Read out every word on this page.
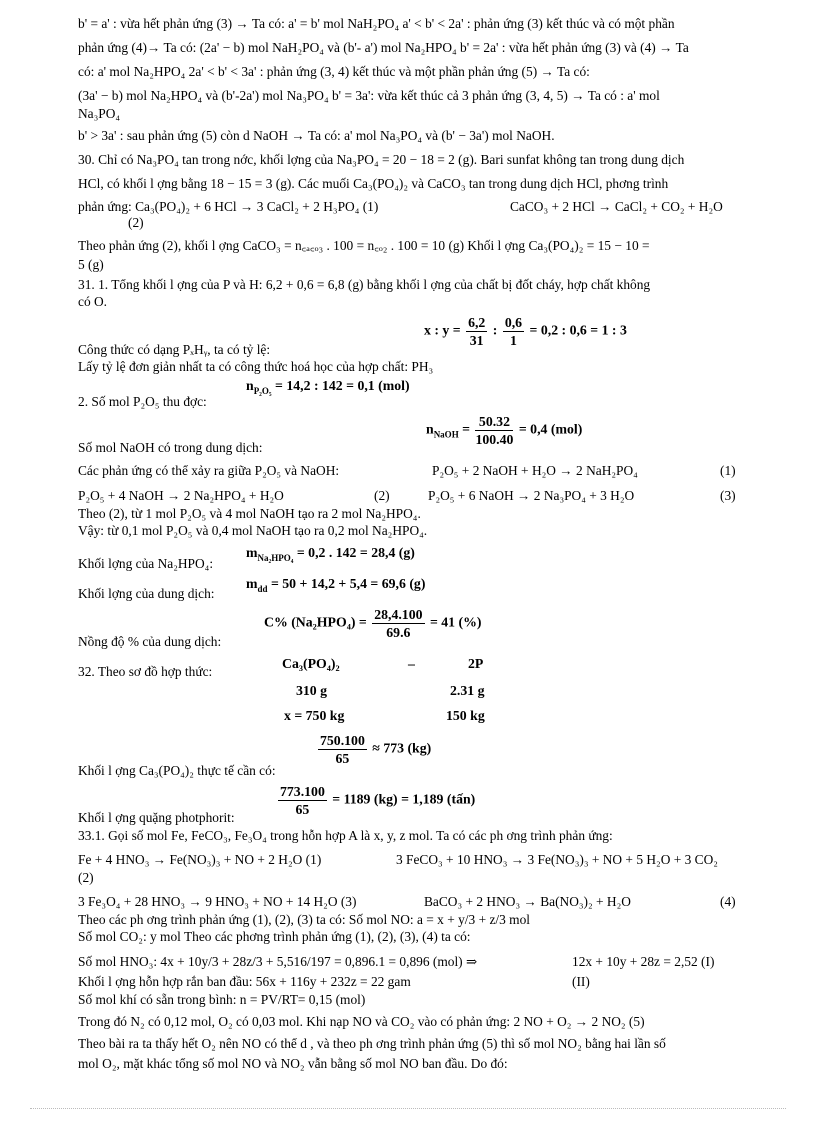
b' = a' : vừa hết phản ứng (3) → Ta có: a' = b' mol NaH₂PO₄ a' < b' < 2a' : phản ứng (3) kết thúc và có một phần
phản ứng (4)→ Ta có: (2a' − b) mol NaH₂PO₄ và (b'- a') mol Na₂HPO₄ b' = 2a' : vừa hết phản ứng (3) và (4) → Ta
có: a' mol Na₂HPO₄ 2a' < b' < 3a' : phản ứng (3, 4) kết thúc và một phần phản ứng (5) → Ta có:
(3a' − b) mol Na₂HPO₄ và (b'-2a') mol Na₃PO₄ b' = 3a': vừa kết thúc cả 3 phản ứng (3, 4, 5) → Ta có : a' mol
Na₃PO₄
b' > 3a' : sau phản ứng (5) còn d NaOH → Ta có: a' mol Na₃PO₄ và (b' − 3a') mol NaOH.
30. Chỉ có Na₃PO₄ tan trong nớc, khối lợng của Na₃PO₄ = 20 − 18 = 2 (g). Bari sunfat không tan trong dung dịch
HCl, có khối l ợng bằng 18 − 15 = 3 (g). Các muối Ca₃(PO₄)₂ và CaCO₃ tan trong dung dịch HCl, phơng trình
phản ứng: Ca₃(PO₄)₂ + 6 HCl → 3 CaCl₂ + 2 H₃PO₄ (1)	CaCO₃ + 2 HCl → CaCl₂ + CO₂ + H₂O
(2)
Theo phản ứng (2), khối l ợng CaCO₃ = n꜀ₐ꜀ₒ₃ . 100 = n꜀ₒ₂ . 100 = 10 (g) Khối l ợng Ca₃(PO₄)₂ = 15 − 10 =
5 (g)
31. 1. Tổng khối l ợng của P và H: 6,2 + 0,6 = 6,8 (g) bằng khối l ợng của chất bị đốt cháy, hợp chất không
có O.
x : $y = \frac{6,2}{31}$ : $\frac{0,6}{1} = 0,2$ : 0,6 = 1 : 3
Công thức có dạng PₓHᵧ, ta có tỷ lệ:
Lấy tỷ lệ đơn giản nhất ta có công thức hoá học của hợp chất: PH₃
$n_{P_2O_5} = 14,2$ : 142 = 0,1 (mol)
2. Số mol P₂O₅ thu đợc:
$n_{NaOH} = \frac{50.32}{100.40} = 0,4$ (mol)
Số mol NaOH có trong dung dịch:
Các phản ứng có thể xảy ra giữa P₂O₅ và NaOH:	P₂O₅ + 2 NaOH + H₂O → 2 NaH₂PO₄	(1)
P₂O₅ + 4 NaOH → 2 Na₂HPO₄ + H₂O	(2)	P₂O₅ + 6 NaOH → 2 Na₃PO₄ + 3 H₂O	(3)
Theo (2), từ 1 mol P₂O₅ và 4 mol NaOH tạo ra 2 mol Na₂HPO₄.
Vậy: từ 0,1 mol P₂O₅ và 0,4 mol NaOH tạo ra 0,2 mol Na₂HPO₄.
$m_{Na_2HPO_4} = 0,2$ . 142 = 28,4 (g)
Khối lợng của Na₂HPO₄:
$m_{dd} = 50 + 14,2 + 5,4 = 69,6$ (g)
Khối lợng của dung dịch:
C% $(Na_2HPO_4) = \frac{28,4.100}{69.6} = 41$ (%)
Nồng độ % của dung dịch:
Ca₃(PO₄)₂	–	2P
32. Theo sơ đồ hợp thức:
310 g	2.31 g
x = 750 kg	150 kg
$\frac{750.100}{65} \approx 773$ (kg)
Khối l ợng Ca₃(PO₄)₂ thực tế cần có:
$\frac{773.100}{65} = 1189$ (kg) = 1,189 (tấn)
Khối l ợng quặng photphorit:
33.1. Gọi số mol Fe, FeCO₃, Fe₃O₄ trong hỗn hợp A là x, y, z mol. Ta có các ph ơng trình phản ứng:
Fe + 4 HNO₃ → Fe(NO₃)₃ + NO + 2 H₂O (1)	3 FeCO₃ + 10 HNO₃ → 3 Fe(NO₃)₃ + NO + 5 H₂O + 3 CO₂
(2)
3 Fe₃O₄ + 28 HNO₃ → 9 HNO₃ + NO + 14 H₂O (3)	BaCO₃ + 2 HNO₃ → Ba(NO₃)₂ + H₂O	(4)
Theo các ph ơng trình phản ứng (1), (2), (3) ta có: Số mol NO: a = x + y/3 + z/3 mol
Số mol CO₂: y mol Theo các phơng trình phản ứng (1), (2), (3), (4) ta có:
Số mol HNO₃: 4x + 10y/3 + 28z/3 + 5,516/197 = 0,896.1 = 0,896 (mol) ⇒	12x + 10y + 28z = 2,52 (I)
Khối l ợng hỗn hợp rắn ban đầu: 56x + 116y + 232z = 22 gam	(II)
Số mol khí có sẵn trong bình: n = PV/RT= 0,15 (mol)
Trong đó N₂ có 0,12 mol, O₂ có 0,03 mol. Khi nạp NO và CO₂ vào có phản ứng: 2 NO + O₂ → 2 NO₂ (5)
Theo bài ra ta thấy hết O₂ nên NO có thể d , và theo ph ơng trình phản ứng (5) thì số mol NO₂ bằng hai lần số
mol O₂, mặt khác tổng số mol NO và NO₂ vẫn bằng số mol NO ban đầu. Do đó:
